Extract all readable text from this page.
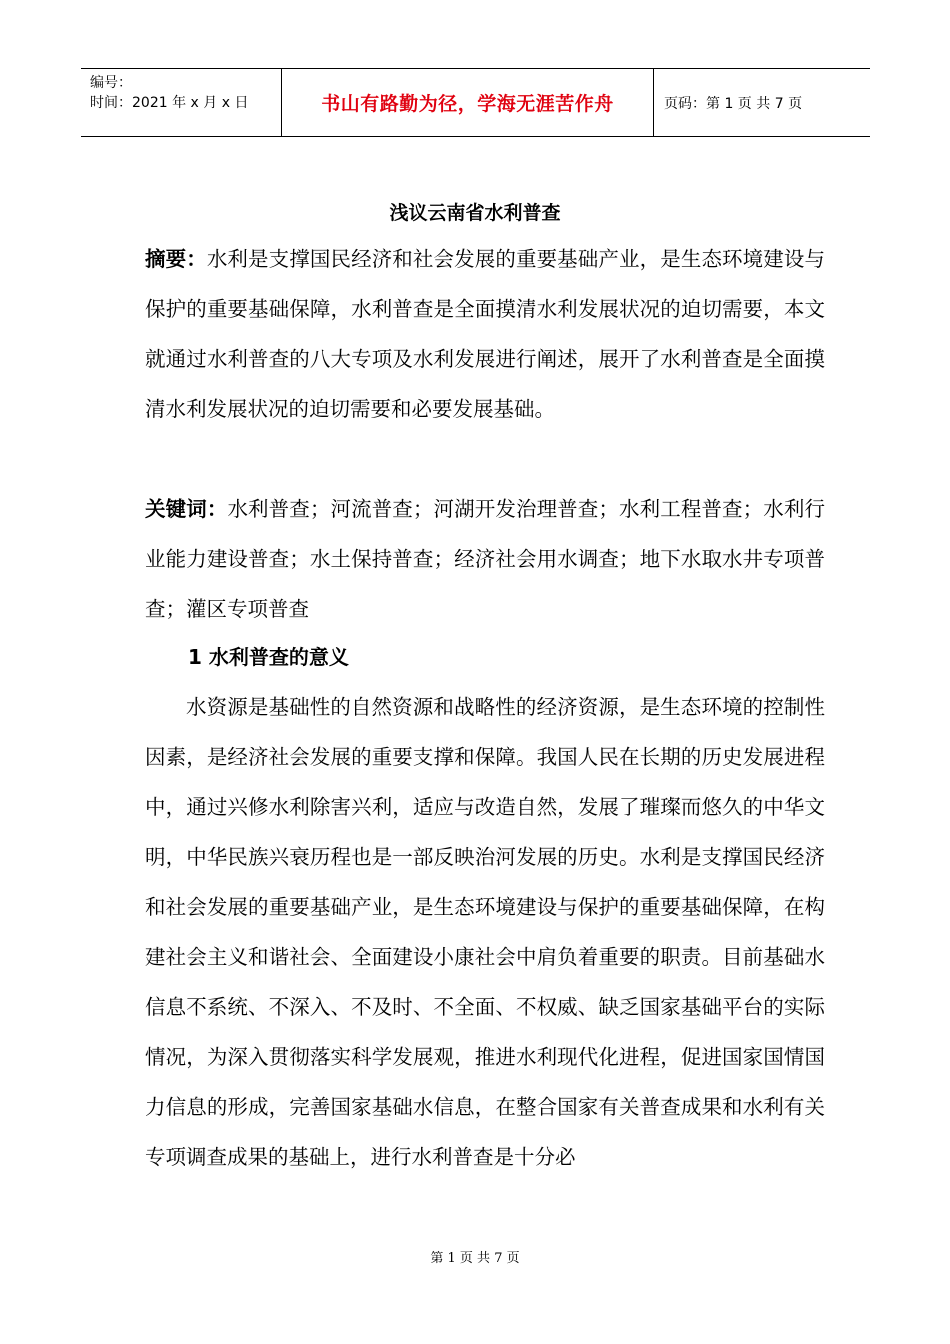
编号：
时间：2021 年 x 月 x 日	书山有路勤为径，学海无涯苦作舟	页码：第 1 页 共 7 页
浅议云南省水利普查

摘要：水利是支撑国民经济和社会发展的重要基础产业，是生态环境建设与保护的重要基础保障，水利普查是全面摸清水利发展状况的迫切需要，本文就通过水利普查的八大专项及水利发展进行阐述，展开了水利普查是全面摸清水利发展状况的迫切需要和必要发展基础。

关键词：水利普查；河流普查；河湖开发治理普查；水利工程普查；水利行业能力建设普查；水土保持普查；经济社会用水调查；地下水取水井专项普查；灌区专项普查

1 水利普查的意义

水资源是基础性的自然资源和战略性的经济资源，是生态环境的控制性因素，是经济社会发展的重要支撑和保障。我国人民在长期的历史发展进程中，通过兴修水利除害兴利，适应与改造自然，发展了璀璨而悠久的中华文明，中华民族兴衰历程也是一部反映治河发展的历史。水利是支撑国民经济和社会发展的重要基础产业，是生态环境建设与保护的重要基础保障，在构建社会主义和谐社会、全面建设小康社会中肩负着重要的职责。目前基础水信息不系统、不深入、不及时、不全面、不权威、缺乏国家基础平台的实际情况，为深入贯彻落实科学发展观，推进水利现代化进程，促进国家国情国力信息的形成，完善国家基础水信息，在整合国家有关普查成果和水利有关专项调查成果的基础上，进行水利普查是十分必

第 1 页 共 7 页
